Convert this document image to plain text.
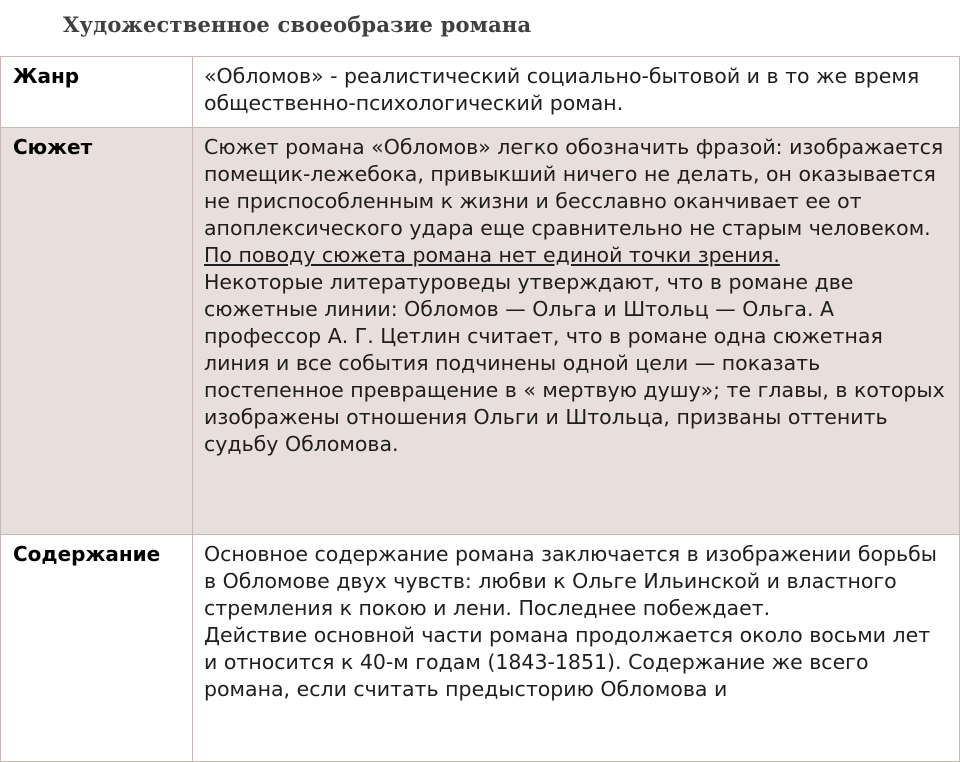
Художественное своеобразие романа
Жанр	«Обломов» - реалистический социально-бытовой и в то же время общественно-психологический роман.

Сюжет	Сюжет романа «Обломов» легко обозначить фразой: изображается помещик-лежебока, привыкший ничего не делать, он оказывается не приспособленным к жизни и бесславно оканчивает ее от апоплексического удара еще сравнительно не старым человеком.

По поводу сюжета романа нет единой точки зрения.

Некоторые литературоведы утверждают, что в романе две сюжетные линии: Обломов — Ольга и Штольц — Ольга. А профессор А. Г. Цетлин считает, что в романе одна сюжетная линия и все события подчинены одной цели — показать постепенное превращение в « мертвую душу»; те главы, в которых изображены отношения Ольги и Штольца, призваны оттенить судьбу Обломова.

Содержание	Основное содержание романа заключается в изображении борьбы в Обломове двух чувств: любви к Ольге Ильинской и властного стремления к покою и лени. Последнее побеждает.

Действие основной части романа продолжается около восьми лет и относится к 40-м годам (1843-1851). Содержание же всего романа, если считать предысторию Обломова и
